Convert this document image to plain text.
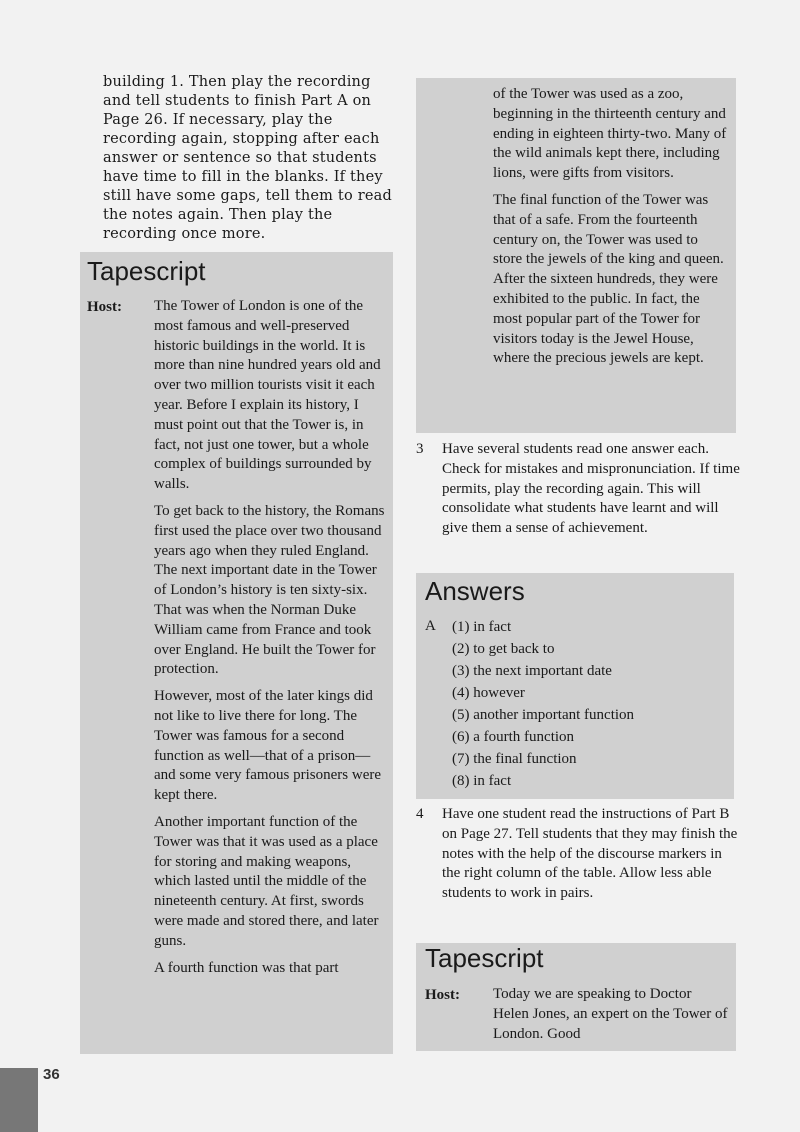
building 1. Then play the recording and tell students to finish Part A on Page 26. If necessary, play the recording again, stopping after each answer or sentence so that students have time to fill in the blanks. If they still have some gaps, tell them to read the notes again. Then play the recording once more.
Tapescript
Host: The Tower of London is one of the most famous and well-preserved historic buildings in the world. It is more than nine hundred years old and over two million tourists visit it each year. Before I explain its history, I must point out that the Tower is, in fact, not just one tower, but a whole complex of buildings surrounded by walls.

To get back to the history, the Romans first used the place over two thousand years ago when they ruled England. The next important date in the Tower of London’s history is ten sixty-six. That was when the Norman Duke William came from France and took over England. He built the Tower for protection.

However, most of the later kings did not like to live there for long. The Tower was famous for a second function as well—that of a prison—and some very famous prisoners were kept there.

Another important function of the Tower was that it was used as a place for storing and making weapons, which lasted until the middle of the nineteenth century. At first, swords were made and stored there, and later guns.

A fourth function was that part

of the Tower was used as a zoo, beginning in the thirteenth century and ending in eighteen thirty-two. Many of the wild animals kept there, including lions, were gifts from visitors.

The final function of the Tower was that of a safe. From the fourteenth century on, the Tower was used to store the jewels of the king and queen. After the sixteen hundreds, they were exhibited to the public. In fact, the most popular part of the Tower for visitors today is the Jewel House, where the precious jewels are kept.

3 Have several students read one answer each. Check for mistakes and mispronunciation. If time permits, play the recording again. This will consolidate what students have learnt and will give them a sense of achievement.
Answers
A (1) in fact
(2) to get back to
(3) the next important date
(4) however
(5) another important function
(6) a fourth function
(7) the final function
(8) in fact
4 Have one student read the instructions of Part B on Page 27. Tell students that they may finish the notes with the help of the discourse markers in the right column of the table. Allow less able students to work in pairs.
Tapescript
Host: Today we are speaking to Doctor Helen Jones, an expert on the Tower of London. Good
36
